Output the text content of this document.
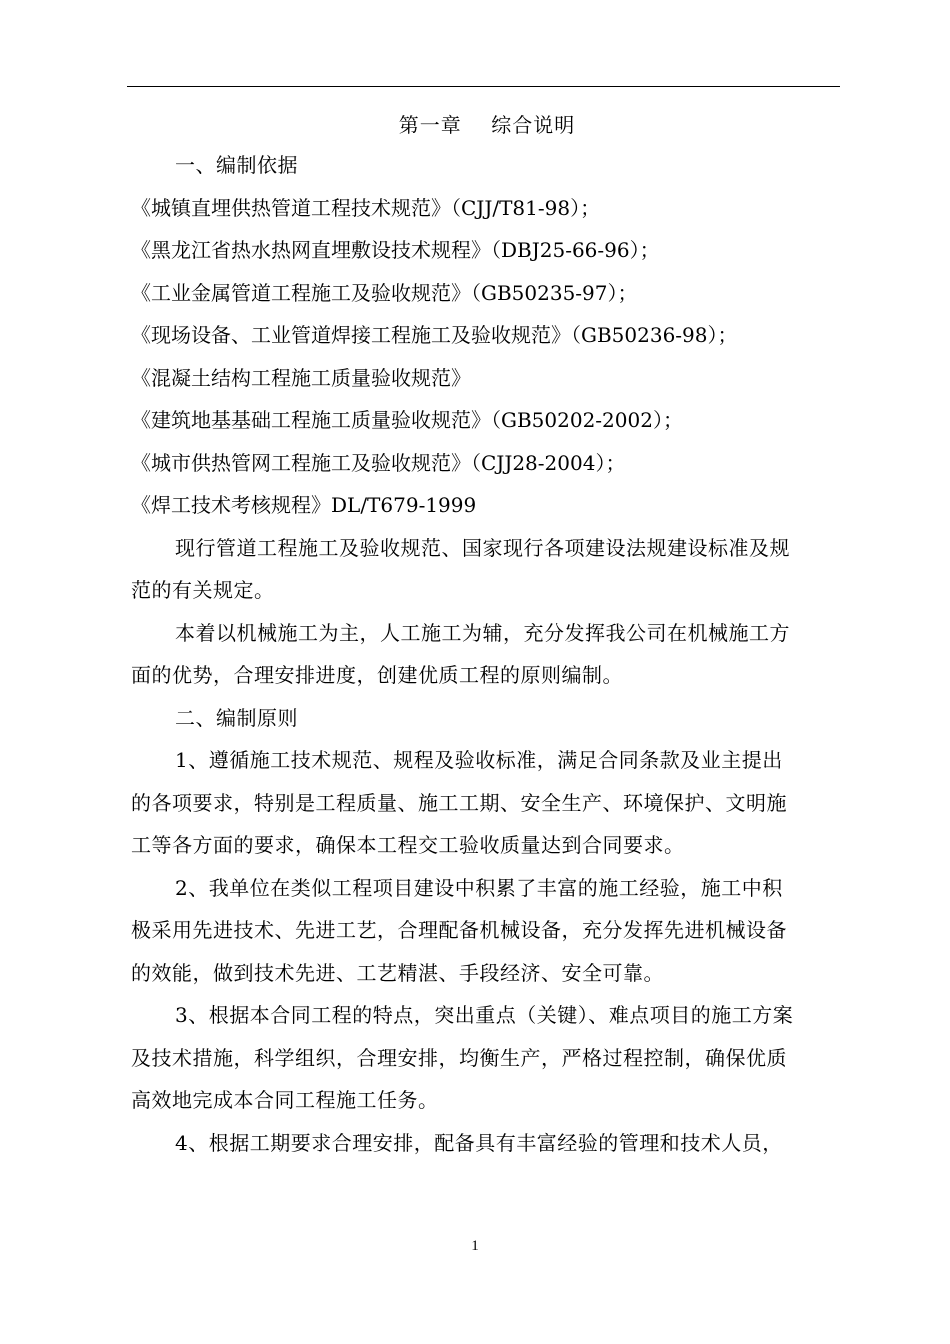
第一章    综合说明

一、编制依据

《城镇直埋供热管道工程技术规范》（CJJ/T81-98）；

《黑龙江省热水热网直埋敷设技术规程》（DBJ25-66-96）；

《工业金属管道工程施工及验收规范》（GB50235-97）；

《现场设备、工业管道焊接工程施工及验收规范》（GB50236-98）；

《混凝土结构工程施工质量验收规范》

《建筑地基基础工程施工质量验收规范》（GB50202-2002）；

《城市供热管网工程施工及验收规范》（CJJ28-2004）；

《焊工技术考核规程》DL/T679-1999

现行管道工程施工及验收规范、国家现行各项建设法规建设标准及规

范的有关规定。

本着以机械施工为主，人工施工为辅，充分发挥我公司在机械施工方

面的优势，合理安排进度，创建优质工程的原则编制。

二、编制原则

1、遵循施工技术规范、规程及验收标准，满足合同条款及业主提出

的各项要求，特别是工程质量、施工工期、安全生产、环境保护、文明施

工等各方面的要求，确保本工程交工验收质量达到合同要求。

2、我单位在类似工程项目建设中积累了丰富的施工经验，施工中积

极采用先进技术、先进工艺，合理配备机械设备，充分发挥先进机械设备

的效能，做到技术先进、工艺精湛、手段经济、安全可靠。

3、根据本合同工程的特点，突出重点（关键）、难点项目的施工方案

及技术措施，科学组织，合理安排，均衡生产，严格过程控制，确保优质

高效地完成本合同工程施工任务。

4、根据工期要求合理安排，配备具有丰富经验的管理和技术人员，

1
